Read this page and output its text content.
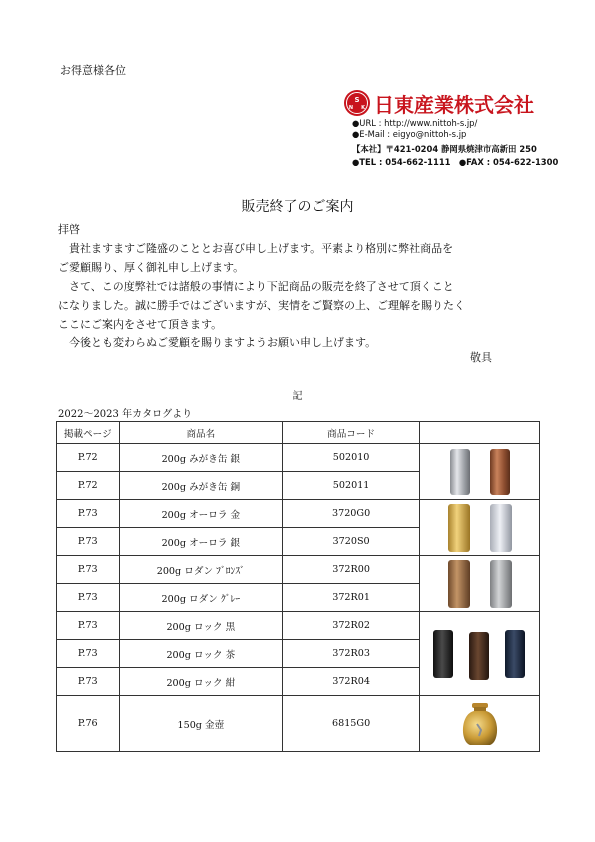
お得意様各位
S
N K 日東産業株式会社
●URL : http://www.nittoh-s.jp/
●E-Mail : eigyo@nittoh-s.jp
【本社】〒421-0204 静岡県焼津市高新田 250
●TEL : 054-662-1111　●FAX : 054-622-1300
販売終了のご案内
拝啓
　貴社ますますご隆盛のこととお喜び申し上げます。平素より格別に弊社商品を
ご愛顧賜り、厚く御礼申し上げます。
　さて、この度弊社では諸般の事情により下記商品の販売を終了させて頂くこと
になりました。誠に勝手ではございますが、実情をご賢察の上、ご理解を賜りたく
ここにご案内をさせて頂きます。
　今後とも変わらぬご愛顧を賜りますようお願い申し上げます。
敬具
記
2022〜2023 年カタログより
掲載ページ	商品名	商品コード	
P.72	200g みがき缶 銀	502010	

P.72	200g みがき缶 銅	502011	
P.73	200g オーロラ 金	3720G0	

P.73	200g オーロラ 銀	3720S0	
P.73	200g ロダン ﾌﾞﾛﾝｽﾞ	372R00	

P.73	200g ロダン ｸﾞﾚｰ	372R01	
P.73	200g ロック 黒	372R02	

P.73	200g ロック 茶	372R03	
P.73	200g ロック 紺	372R04	
P.76	150g 金壺	6815G0	
